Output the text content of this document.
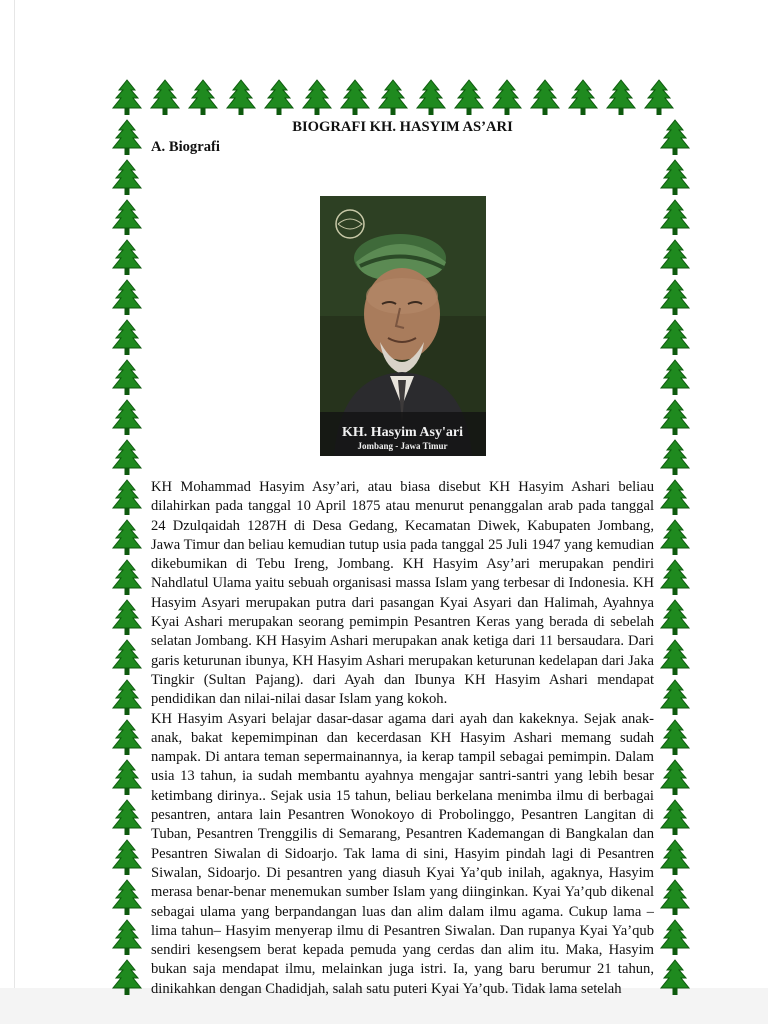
BIOGRAFI KH. HASYIM AS’ARI

A. Biografi

KH. Hasyim Asy'ari
Jombang - Jawa Timur

KH Mohammad Hasyim Asy’ari, atau biasa disebut KH Hasyim Ashari beliau dilahirkan pada tanggal 10 April 1875 atau menurut penanggalan arab pada tanggal 24 Dzulqaidah 1287H di Desa Gedang, Kecamatan Diwek, Kabupaten Jombang, Jawa Timur dan beliau kemudian tutup usia pada tanggal 25 Juli 1947 yang kemudian dikebumikan di Tebu Ireng, Jombang. KH Hasyim Asy’ari merupakan pendiri Nahdlatul Ulama yaitu sebuah organisasi massa Islam yang terbesar di Indonesia. KH Hasyim Asyari merupakan putra dari pasangan Kyai Asyari dan Halimah, Ayahnya Kyai Ashari merupakan seorang pemimpin Pesantren Keras yang berada di sebelah selatan Jombang. KH Hasyim Ashari merupakan anak ketiga dari 11 bersaudara. Dari garis keturunan ibunya, KH Hasyim Ashari merupakan keturunan kedelapan dari Jaka Tingkir (Sultan Pajang). dari Ayah dan Ibunya KH Hasyim Ashari mendapat pendidikan dan nilai-nilai dasar Islam yang kokoh.

KH Hasyim Asyari belajar dasar-dasar agama dari ayah dan kakeknya. Sejak anak-anak, bakat kepemimpinan dan kecerdasan KH Hasyim Ashari memang sudah nampak. Di antara teman sepermainannya, ia kerap tampil sebagai pemimpin. Dalam usia 13 tahun, ia sudah membantu ayahnya mengajar santri-santri yang lebih besar ketimbang dirinya.. Sejak usia 15 tahun, beliau berkelana menimba ilmu di berbagai pesantren, antara lain Pesantren Wonokoyo di Probolinggo, Pesantren Langitan di Tuban, Pesantren Trenggilis di Semarang, Pesantren Kademangan di Bangkalan dan Pesantren Siwalan di Sidoarjo. Tak lama di sini, Hasyim pindah lagi di Pesantren Siwalan, Sidoarjo. Di pesantren yang diasuh Kyai Ya’qub inilah, agaknya, Hasyim merasa benar-benar menemukan sumber Islam yang diinginkan. Kyai Ya’qub dikenal sebagai ulama yang berpandangan luas dan alim dalam ilmu agama. Cukup lama – lima tahun– Hasyim menyerap ilmu di Pesantren Siwalan. Dan rupanya Kyai Ya’qub sendiri kesengsem berat kepada pemuda yang cerdas dan alim itu. Maka, Hasyim bukan saja mendapat ilmu, melainkan juga istri. Ia, yang baru berumur 21 tahun, dinikahkan dengan Chadidjah, salah satu puteri Kyai Ya’qub. Tidak lama setelah
